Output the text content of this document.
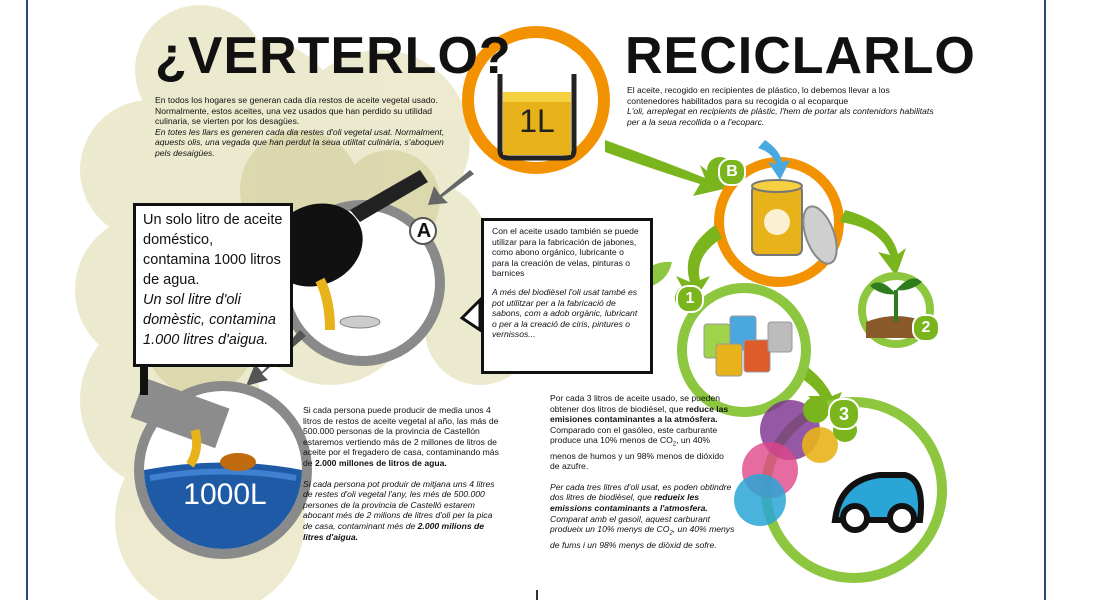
¿VERTERLO?

En todos los hogares se generan cada día restos de aceite vegetal usado. Normalmente, estos aceites, una vez usados que han perdido su utilidad culinaria, se vierten por los desagües.

En totes les llars es generen cada dia restes d'oli vegetal usat. Normalment, aquests olis, una vegada que han perdut la seua utilitat culinària, s'aboquen pels desaigües.

Un solo litro de aceite doméstico, contamina 1000 litros de agua.
Un sol litre d'oli domèstic, contamina 1.000 litres d'aigua.
A
1000L

Si cada persona puede producir de media unos 4 litros de restos de aceite vegetal al año, las más de 500.000 personas de la provincia de Castellón estaremos vertiendo más de 2 millones de litros de aceite por el fregadero de casa, contaminando más de 2.000 millones de litros de agua.

Si cada persona pot produir de mitjana uns 4 litres de restes d'oli vegetal l'any, les més de 500.000 persones de la provincia de Castelló estarem abocant més de 2 milions de litres d'oli per la pica de casa, contaminant més de 2.000 milions de litres d'aigua.

RECICLARLO

El aceite, recogido en recipientes de plástico, lo debemos llevar a los contenedores habilitados para su recogida o al ecoparque

L'oli, arreplegat en recipients de plàstic, l'hem de portar als contenidors habilitats per a la seua recollida o a l'ecoparc.

1L
B
1
2
3

Con el aceite usado también se puede utilizar para la fabricación de jabones, como abono orgánico, lubricante o para la creación de velas, pinturas o barnices

A més del biodièsel l'oli usat també es pot utilitzar per a la fabricació de sabons, com a adob orgànic, lubricant o per a la creació de ciris, pintures o vernissos...

Por cada 3 litros de aceite usado, se pueden obtener dos litros de biodiésel, que reduce las emisiones contaminantes a la atmósfera.

Comparado con el gasóleo, este carburante produce una 10% menos de $CO_2$, un 40% menos de humos y un 98% menos de dióxido de azufre.

Per cada tres litres d'oli usat, es poden obtindre dos litres de biodièsel, que redueix les emissions contaminants a l'atmosfera.

Comparat amb el gasoil, aquest carburant produeix un 10% menys de $CO_2$, un 40% menys de fums i un 98% menys de diòxid de sofre.
